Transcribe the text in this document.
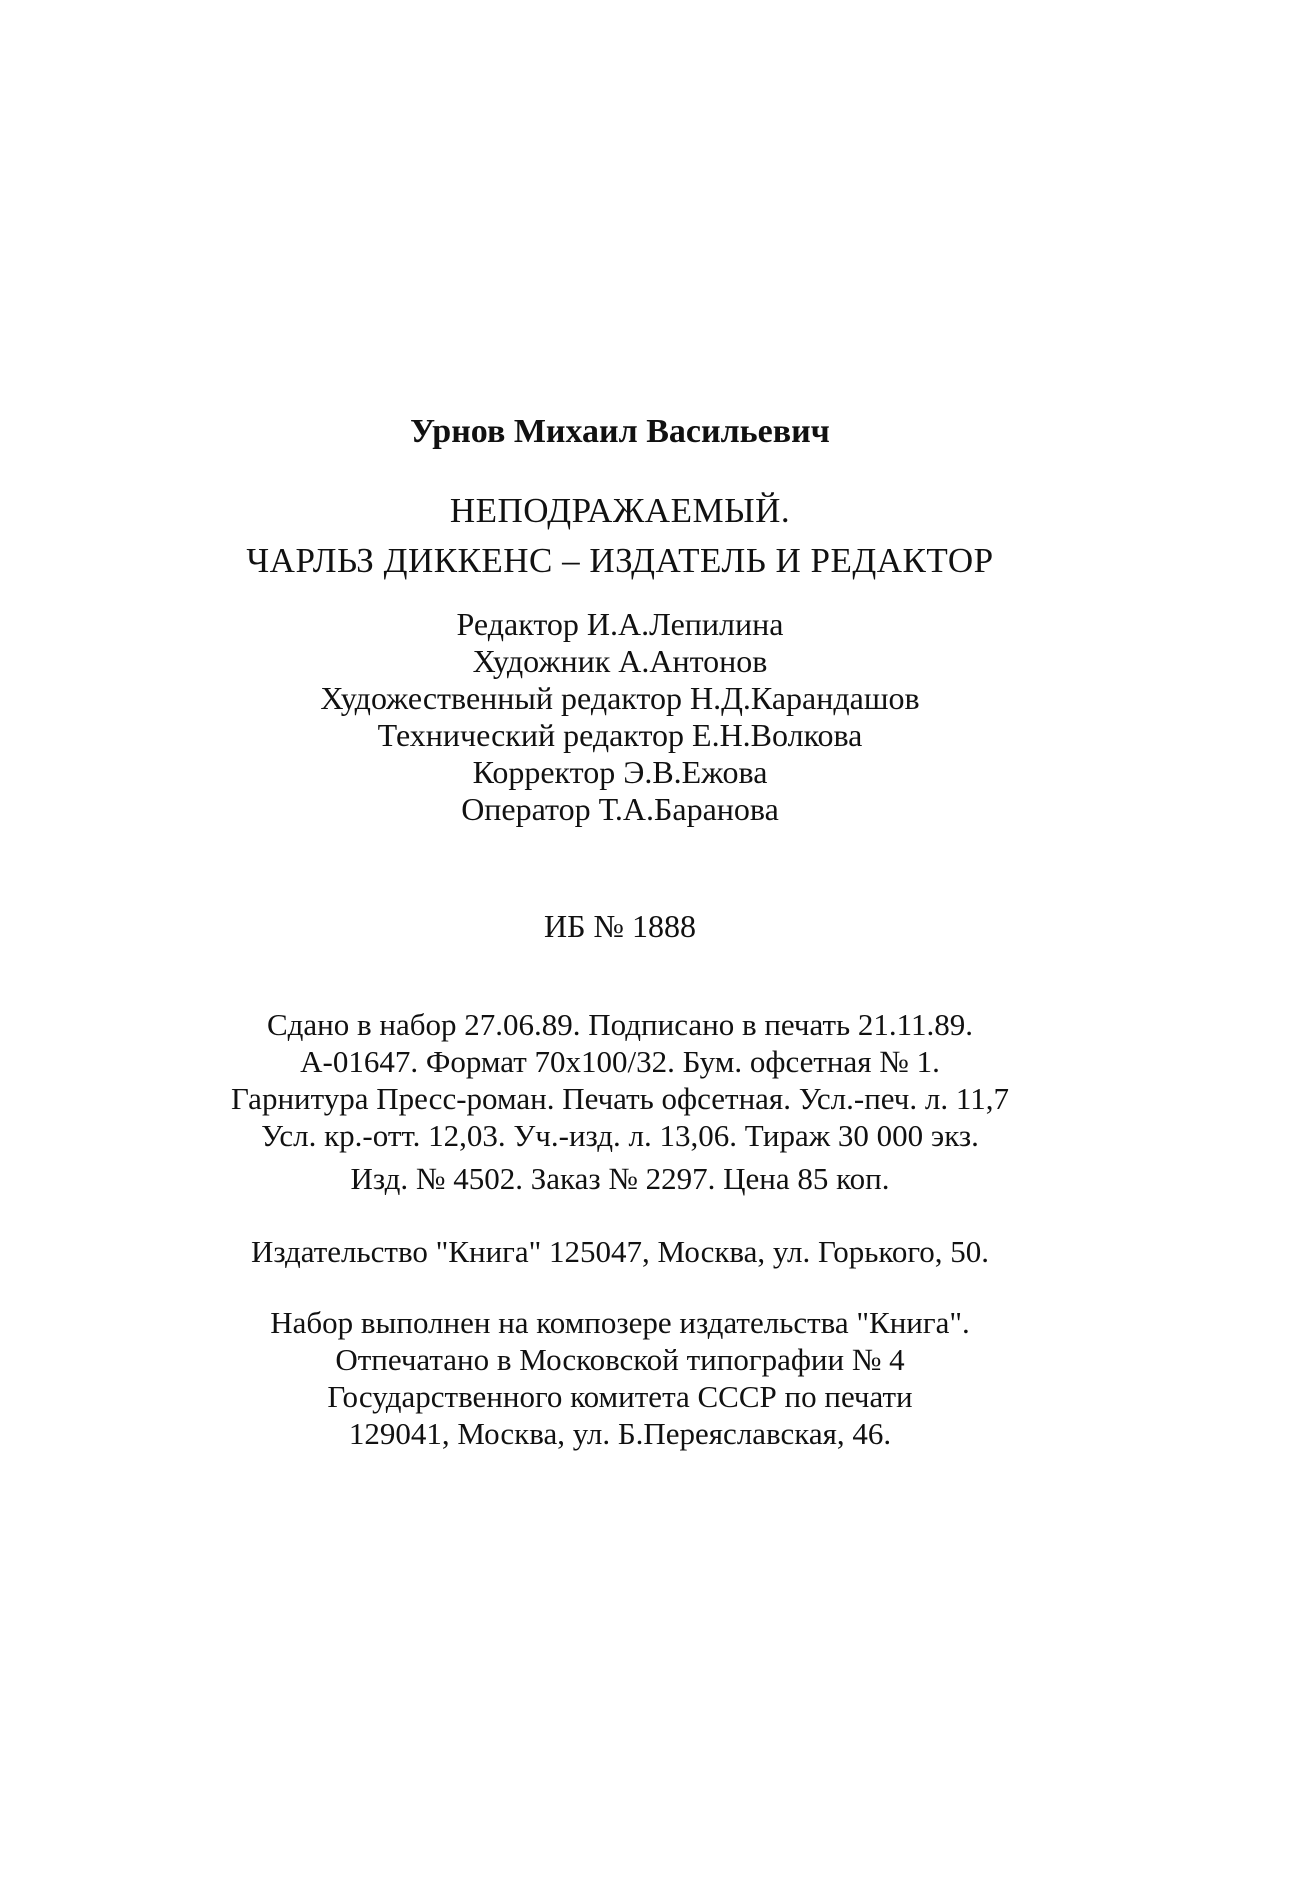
Урнов Михаил Васильевич
НЕПОДРАЖАЕМЫЙ.
ЧАРЛЬЗ ДИККЕНС – ИЗДАТЕЛЬ И РЕДАКТОР
Редактор И.А.Лепилина
Художник А.Антонов
Художественный редактор Н.Д.Карандашов
Технический редактор Е.Н.Волкова
Корректор Э.В.Ежова
Оператор Т.А.Баранова
ИБ № 1888
Сдано в набор 27.06.89. Подписано в печать 21.11.89.
А-01647. Формат 70х100/32. Бум. офсетная № 1.
Гарнитура Пресс-роман. Печать офсетная. Усл.-печ. л. 11,7
Усл. кр.-отт. 12,03. Уч.-изд. л. 13,06. Тираж 30 000 экз.
Изд. № 4502. Заказ № 2297. Цена 85 коп.
Издательство "Книга" 125047, Москва, ул. Горького, 50.
Набор выполнен на композере издательства "Книга".
Отпечатано в Московской типографии № 4
Государственного комитета СССР по печати
129041, Москва, ул. Б.Переяславская, 46.
